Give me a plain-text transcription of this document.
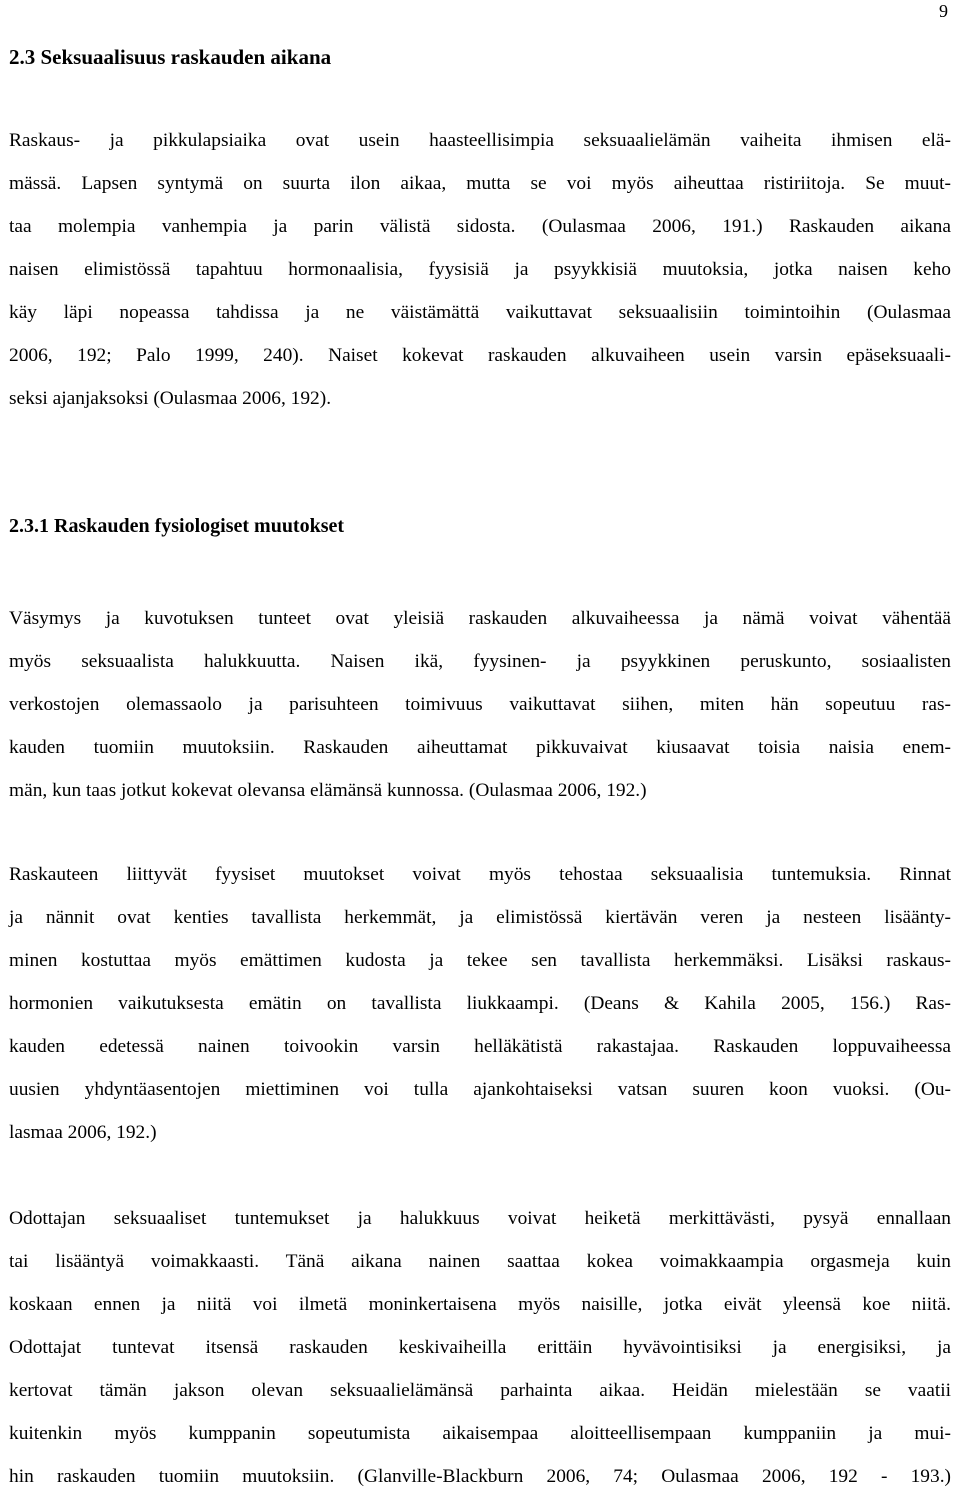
9
2.3 Seksuaalisuus raskauden aikana
Raskaus- ja pikkulapsiaika ovat usein haasteellisimpia seksuaalielämän vaiheita ihmisen elä-
mässä. Lapsen syntymä on suurta ilon aikaa, mutta se voi myös aiheuttaa ristiriitoja. Se muut-
taa molempia vanhempia ja parin välistä sidosta. (Oulasmaa 2006, 191.) Raskauden aikana
naisen elimistössä tapahtuu hormonaalisia, fyysisiä ja psyykkisiä muutoksia, jotka naisen keho
käy läpi nopeassa tahdissa ja ne väistämättä vaikuttavat seksuaalisiin toimintoihin (Oulasmaa
2006, 192; Palo 1999, 240). Naiset kokevat raskauden alkuvaiheen usein varsin epäseksuaali-
seksi ajanjaksoksi (Oulasmaa 2006, 192).
2.3.1 Raskauden fysiologiset muutokset
Väsymys ja kuvotuksen tunteet ovat yleisiä raskauden alkuvaiheessa ja nämä voivat vähentää
myös seksuaalista halukkuutta. Naisen ikä, fyysinen- ja psyykkinen peruskunto, sosiaalisten
verkostojen olemassaolo ja parisuhteen toimivuus vaikuttavat siihen, miten hän sopeutuu ras-
kauden tuomiin muutoksiin. Raskauden aiheuttamat pikkuvaivat kiusaavat toisia naisia enem-
män, kun taas jotkut kokevat olevansa elämänsä kunnossa. (Oulasmaa 2006, 192.)
Raskauteen liittyvät fyysiset muutokset voivat myös tehostaa seksuaalisia tuntemuksia. Rinnat
ja nännit ovat kenties tavallista herkemmät, ja elimistössä kiertävän veren ja nesteen lisäänty-
minen kostuttaa myös emättimen kudosta ja tekee sen tavallista herkemmäksi. Lisäksi raskaus-
hormonien vaikutuksesta emätin on tavallista liukkaampi. (Deans & Kahila 2005, 156.) Ras-
kauden edetessä nainen toivookin varsin helläkätistä rakastajaa. Raskauden loppuvaiheessa
uusien yhdyntäasentojen miettiminen voi tulla ajankohtaiseksi vatsan suuren koon vuoksi. (Ou-
lasmaa 2006, 192.)
Odottajan seksuaaliset tuntemukset ja halukkuus voivat heiketä merkittävästi, pysyä ennallaan
tai lisääntyä voimakkaasti. Tänä aikana nainen saattaa kokea voimakkaampia orgasmeja kuin
koskaan ennen ja niitä voi ilmetä moninkertaisena myös naisille, jotka eivät yleensä koe niitä.
Odottajat tuntevat itsensä raskauden keskivaiheilla erittäin hyvävointisiksi ja energisiksi, ja
kertovat tämän jakson olevan seksuaalielämänsä parhainta aikaa. Heidän mielestään se vaatii
kuitenkin myös kumppanin sopeutumista aikaisempaa aloitteellisempaan kumppaniin ja mui-
hin raskauden tuomiin muutoksiin. (Glanville-Blackburn 2006, 74; Oulasmaa 2006, 192 - 193.)
